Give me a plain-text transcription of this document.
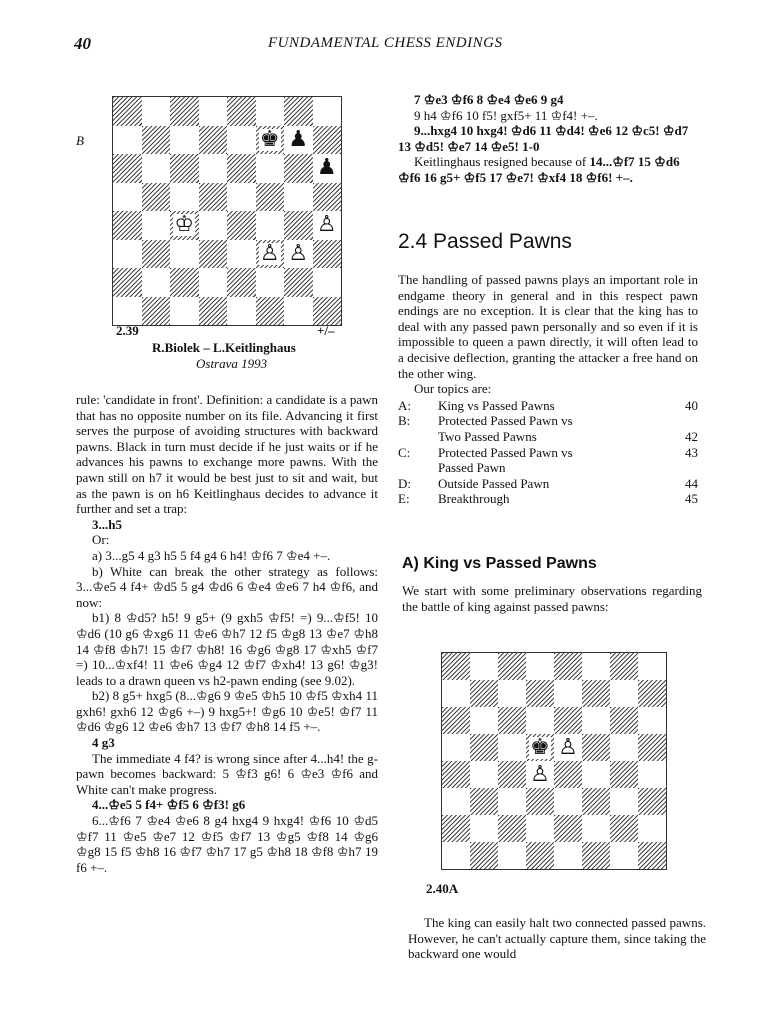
40	FUNDAMENTAL CHESS ENDINGS
B	♚ ♟
♟
♔	♙
♙ ♙
2.39	+/–
R.Biolek – L.Keitlinghaus
Ostrava 1993

rule: 'candidate in front'. Definition: a candidate is a pawn that has no opposite number on its file. Advancing it first serves the purpose of avoiding structures with backward pawns. Black in turn must decide if he just waits or if he advances his pawns to exchange more pawns. With the pawn still on h7 it would be best just to sit and wait, but as the pawn is on h6 Keitlinghaus decides to advance it further and set a trap:

3...h5

Or:

a) 3...g5 4 g3 h5 5 f4 g4 6 h4! ♔f6 7 ♔e4 +–.

b) White can break the other strategy as follows: 3...♔e5 4 f4+ ♔d5 5 g4 ♔d6 6 ♔e4 ♔e6 7 h4 ♔f6, and now:

b1) 8 ♔d5? h5! 9 g5+ (9 gxh5 ♔f5! =) 9...♔f5! 10 ♔d6 (10 g6 ♔xg6 11 ♔e6 ♔h7 12 f5 ♔g8 13 ♔e7 ♔h8 14 ♔f8 ♔h7! 15 ♔f7 ♔h8! 16 ♔g6 ♔g8 17 ♔xh5 ♔f7 =) 10...♔xf4! 11 ♔e6 ♔g4 12 ♔f7 ♔xh4! 13 g6! ♔g3! leads to a drawn queen vs h2-pawn ending (see 9.02).

b2) 8 g5+ hxg5 (8...♔g6 9 ♔e5 ♔h5 10 ♔f5 ♔xh4 11 gxh6! gxh6 12 ♔g6 +–) 9 hxg5+! ♔g6 10 ♔e5! ♔f7 11 ♔d6 ♔g6 12 ♔e6 ♔h7 13 ♔f7 ♔h8 14 f5 +–.

4 g3

The immediate 4 f4? is wrong since after 4...h4! the g-pawn becomes backward: 5 ♔f3 g6! 6 ♔e3 ♔f6 and White can't make progress.

4...♔e5 5 f4+ ♔f5 6 ♔f3! g6

6...♔f6 7 ♔e4 ♔e6 8 g4 hxg4 9 hxg4! ♔f6 10 ♔d5 ♔f7 11 ♔e5 ♔e7 12 ♔f5 ♔f7 13 ♔g5 ♔f8 14 ♔g6 ♔g8 15 f5 ♔h8 16 ♔f7 ♔h7 17 g5 ♔h8 18 ♔f8 ♔h7 19 f6 +–.

7 ♔e3 ♔f6 8 ♔e4 ♔e6 9 g4

9 h4 ♔f6 10 f5! gxf5+ 11 ♔f4! +–.

9...hxg4 10 hxg4! ♔d6 11 ♔d4! ♔e6 12 ♔c5! ♔d7 13 ♔d5! ♔e7 14 ♔e5! 1-0

Keitlinghaus resigned because of 14...♔f7 15 ♔d6 ♔f6 16 g5+ ♔f5 17 ♔e7! ♔xf4 18 ♔f6! +–.

2.4 Passed Pawns

The handling of passed pawns plays an important role in endgame theory in general and in this respect pawn endings are no exception. It is clear that the king has to deal with any passed pawn personally and so even if it is impossible to queen a pawn directly, it will often lead to a decisive deflection, granting the attacker a free hand on the other wing.

Our topics are:

A:	King vs Passed Pawns	40
B:	Protected Passed Pawn vs
Two Passed Pawns	42
C:	Protected Passed Pawn vs	43
Passed Pawn
D:	Outside Passed Pawn	44
E:	Breakthrough	45
A) King vs Passed Pawns

We start with some preliminary observations regarding the battle of king against passed pawns:

♚ ♙
♙
2.40A

The king can easily halt two connected passed pawns. However, he can't actually capture them, since taking the backward one would
